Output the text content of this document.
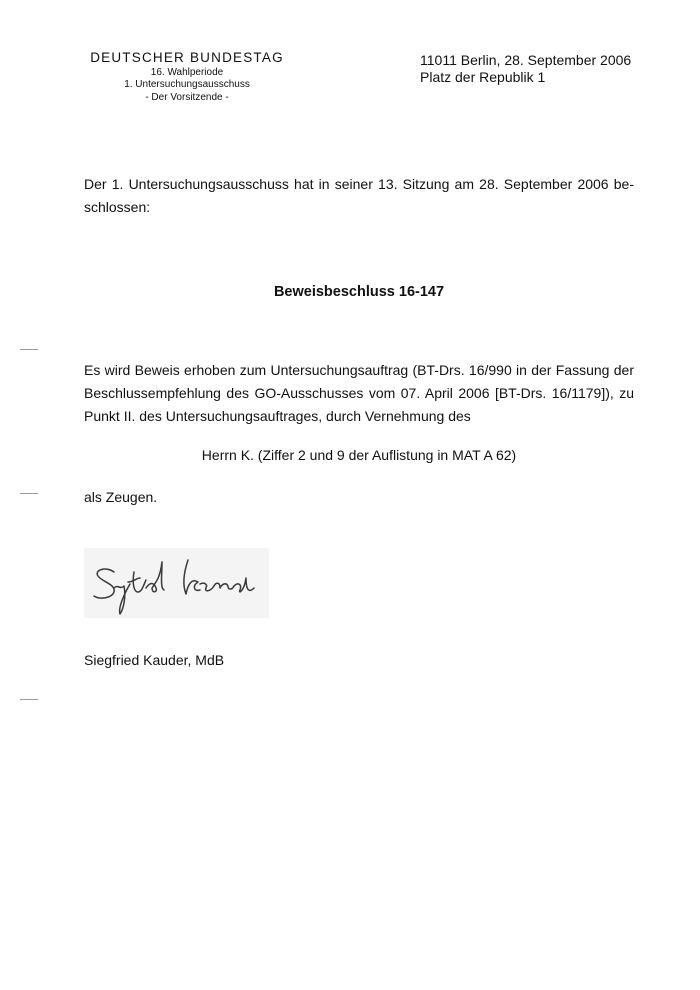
DEUTSCHER BUNDESTAG
16. Wahlperiode
1. Untersuchungsausschuss
- Der Vorsitzende -
11011 Berlin, 28. September 2006
Platz der Republik 1

Der 1. Untersuchungsausschuss hat in seiner 13. Sitzung am 28. September 2006 be-schlossen:

Beweisbeschluss 16-147

Es wird Beweis erhoben zum Untersuchungsauftrag (BT-Drs. 16/990 in der Fassung der Beschlussempfehlung des GO-Ausschusses vom 07. April 2006 [BT-Drs. 16/1179]), zu Punkt II. des Untersuchungsauftrages, durch Vernehmung des

Herrn K. (Ziffer 2 und 9 der Auflistung in MAT A 62)
als Zeugen.
Siegfried Kauder, MdB
